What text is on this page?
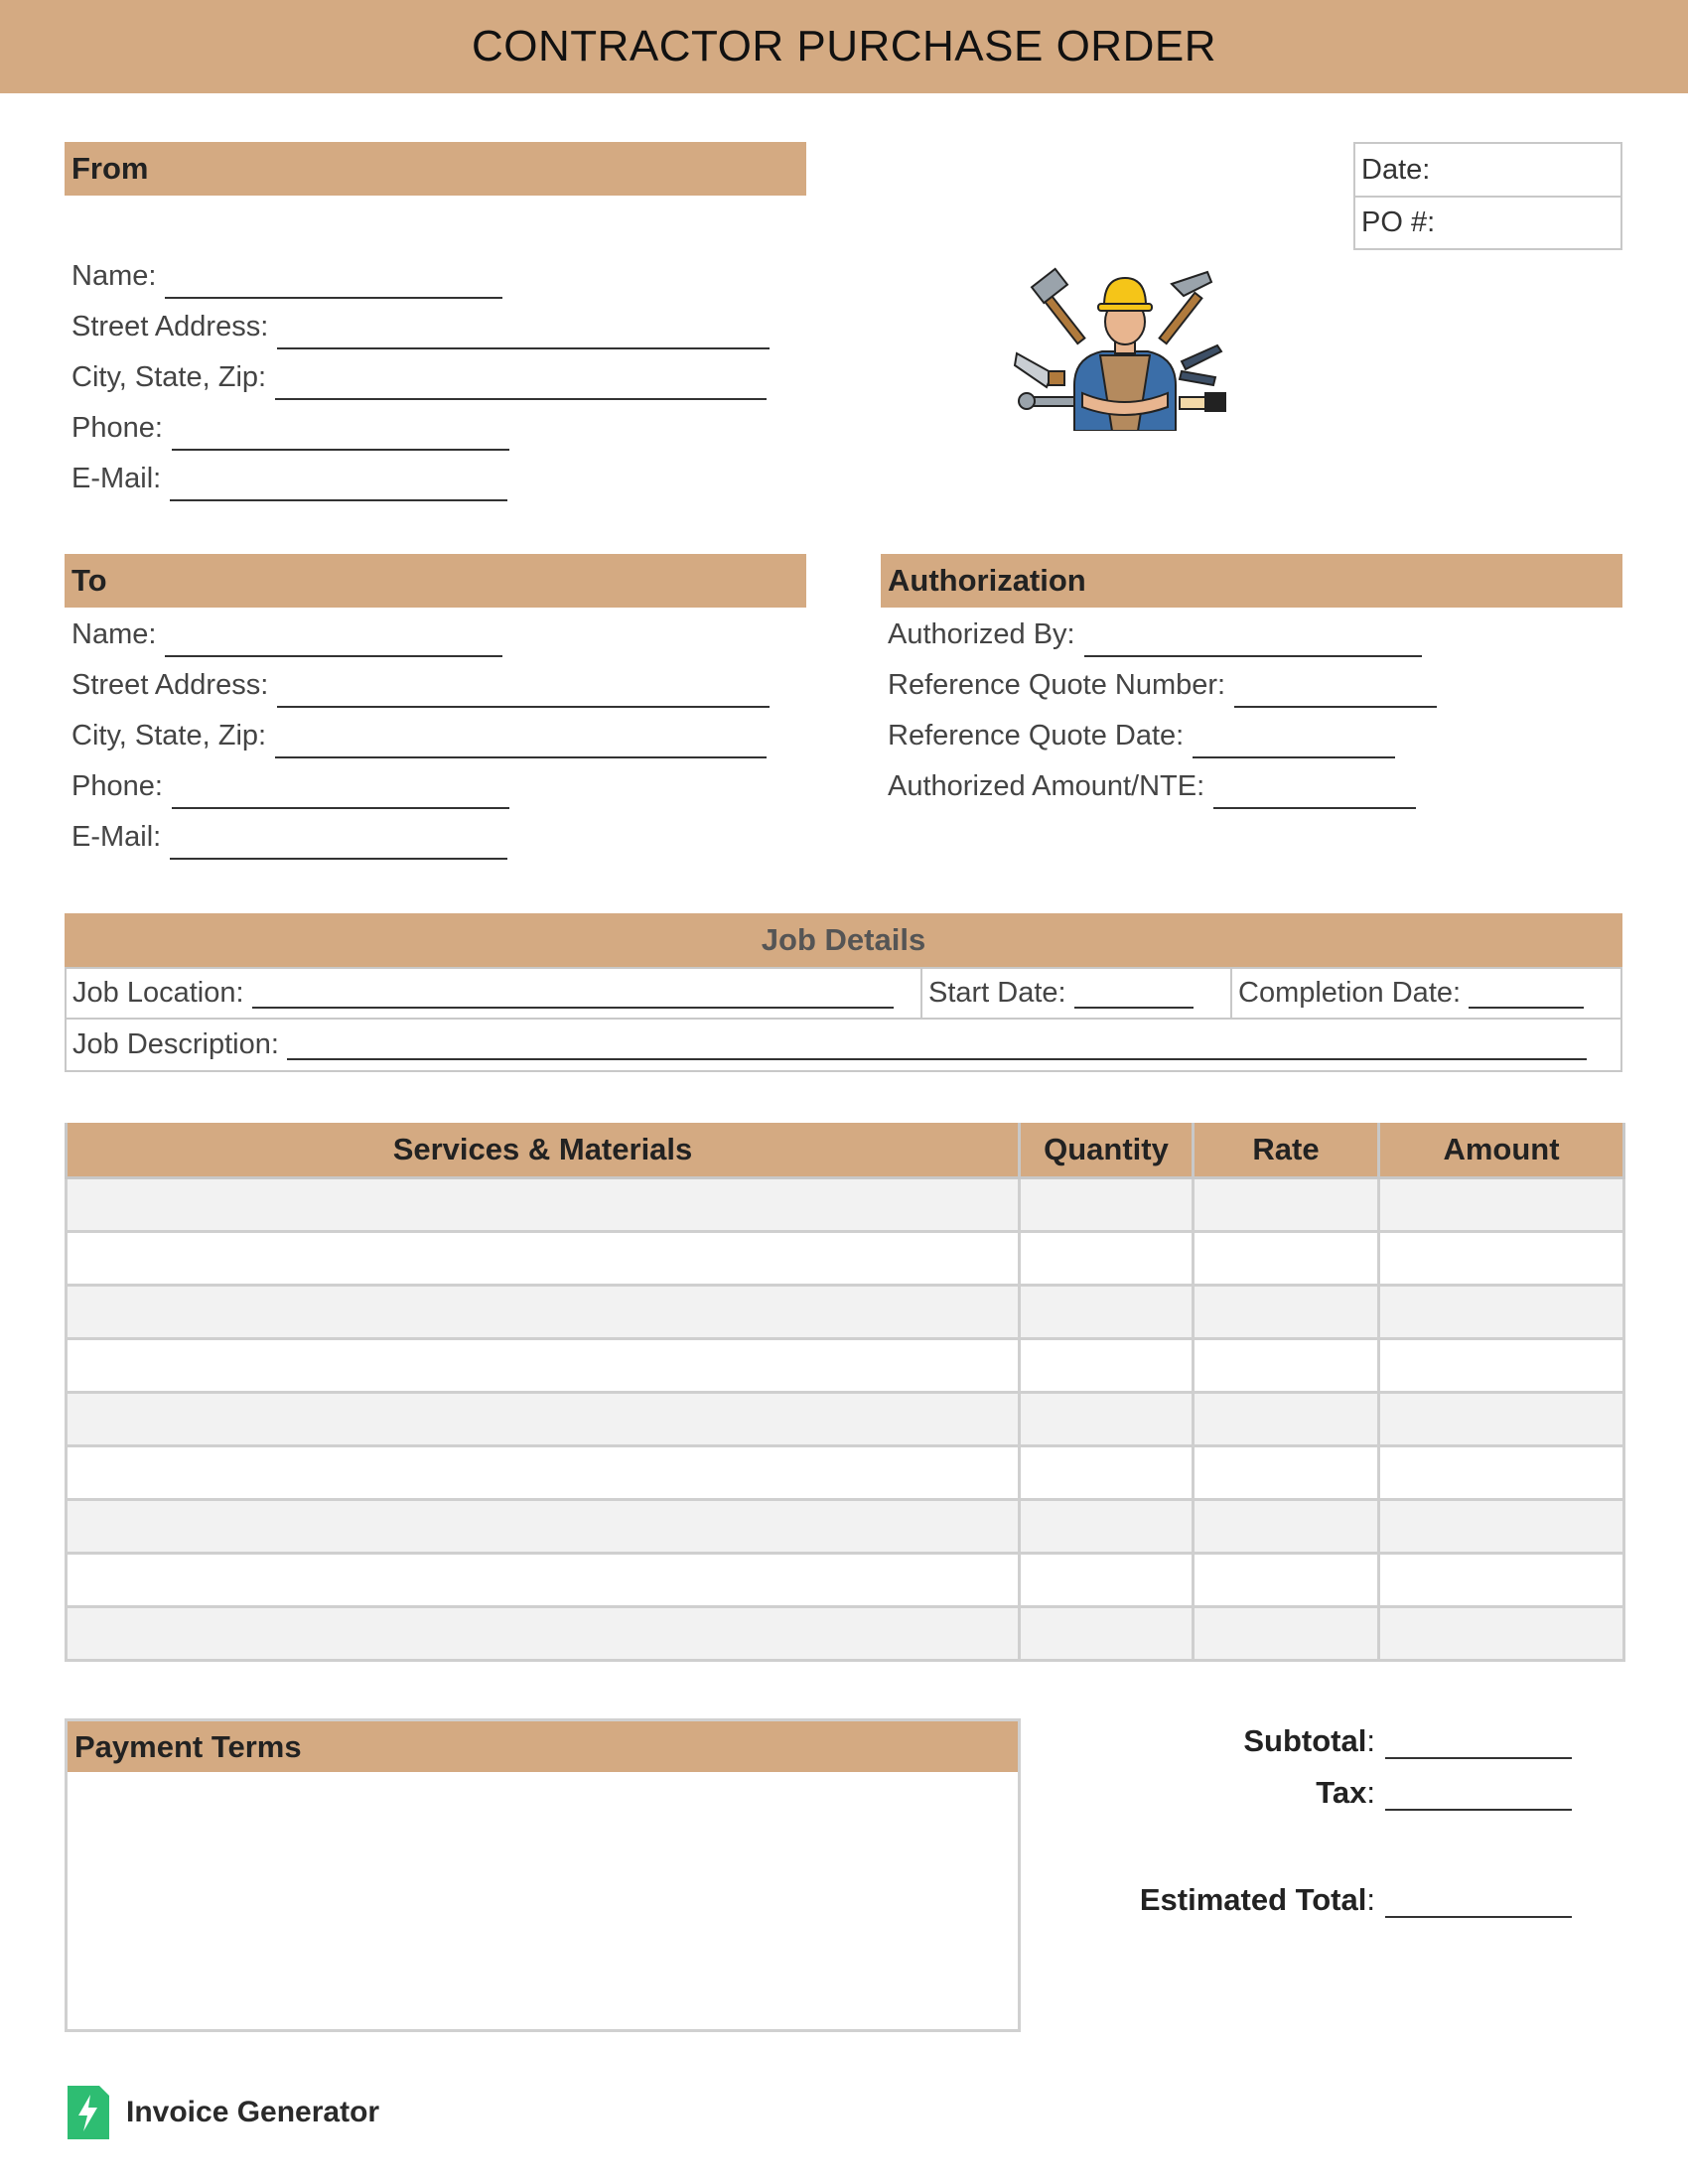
CONTRACTOR PURCHASE ORDER
From
Name:
Street Address:
City, State, Zip:
Phone:
E-Mail:
Date:
PO #:
To
Name:
Street Address:
City, State, Zip:
Phone:
E-Mail:
Authorization
Authorized By:
Reference Quote Number:
Reference Quote Date:
Authorized Amount/NTE:
Job Details
Job Location:	Start Date:	Completion Date:
Job Description:
Services & Materials	Quantity	Rate	Amount

Payment Terms	Subtotal:
Tax:
Estimated Total:
Invoice Generator
